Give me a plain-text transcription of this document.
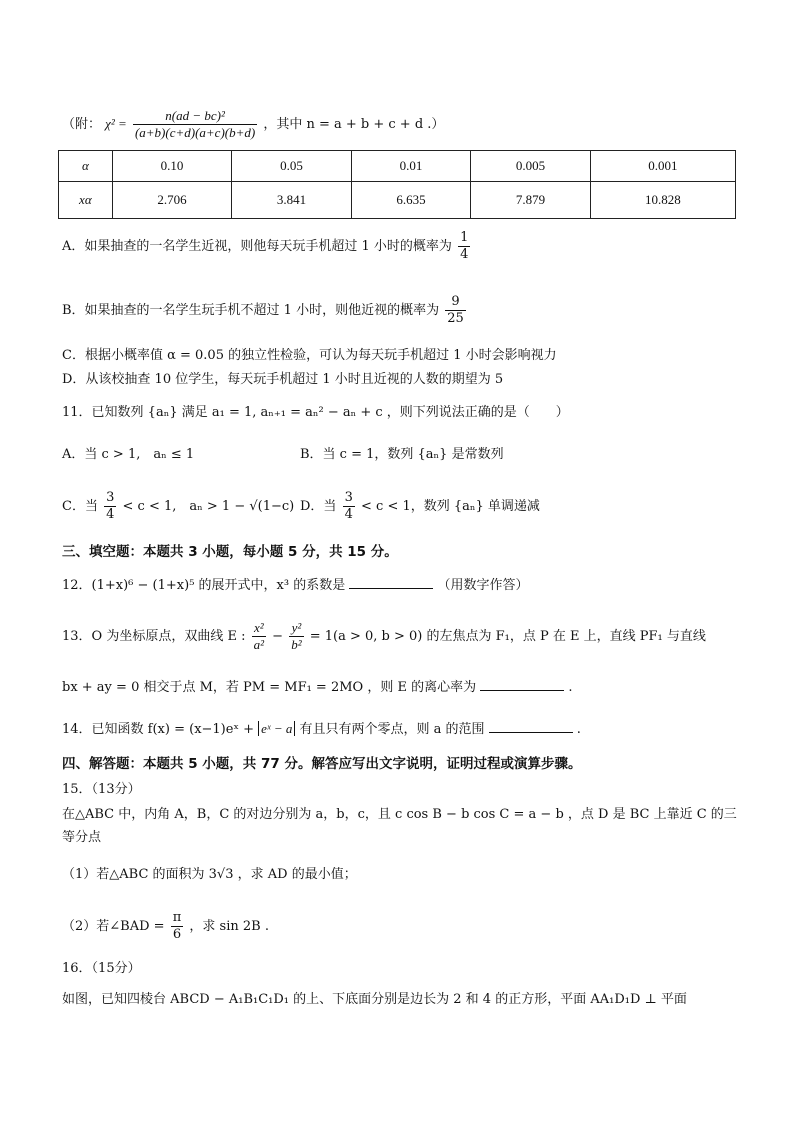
（附： $\chi^2 = \frac{\text{n(ad − bc)²}}{(a+b)(c+d)(a+c)(b+d)}$ ，其中 n = a + b + c + d .）
α	0.10	0.05	0.01	0.005	0.001
xα	2.706	3.841	6.635	7.879	10.828
A．如果抽查的一名学生近视，则他每天玩手机超过 1 小时的概率为 $\frac{1}{4}$
B．如果抽查的一名学生玩手机不超过 1 小时，则他近视的概率为 $\frac{9}{25}$
C．根据小概率值 α = 0.05 的独立性检验，可认为每天玩手机超过 1 小时会影响视力
D．从该校抽查 10 位学生，每天玩手机超过 1 小时且近视的人数的期望为 5
11．已知数列 {aₙ} 满足 a₁ = 1, aₙ₊₁ = aₙ² − aₙ + c ，则下列说法正确的是（　　）
A．当 c > 1,　aₙ ≤ 1	B．当 c = 1，数列 {aₙ} 是常数列
C．当 $\frac{3}{4} < c < 1$,　aₙ > 1 − √(1−c) D．当 $\frac{3}{4} < c < 1$，数列 {aₙ} 单调递减
三、填空题：本题共 3 小题，每小题 5 分，共 15 分。
12．(1+x)⁶ − (1+x)⁵ 的展开式中，x³ 的系数是	（用数字作答）
13．O 为坐标原点，双曲线 E : $\frac{\text{x²}}{\text{a²}} - \frac{\text{y²}}{\text{b²}} = 1(a > 0$, b > 0) 的左焦点为 F₁，点 P 在 E 上，直线 PF₁ 与直线
bx + ay = 0 相交于点 M，若 PM = MF₁ = 2MO ，则 E 的离心率为	.
14．已知函数 f(x) = (x−1)eˣ + eˣ − a 有且只有两个零点，则 a 的范围	.
四、解答题：本题共 5 小题，共 77 分。解答应写出文字说明，证明过程或演算步骤。
15．（13分）
在△ABC 中，内角 A，B，C 的对边分别为 a，b，c，且 c cos B − b cos C = a − b ，点 D 是 BC 上靠近 C 的三
等分点
（1）若△ABC 的面积为 3√3 ，求 AD 的最小值；
（2）若∠BAD = $\frac{\pi}{6}$ ，求 sin 2B .
16．（15分）
如图，已知四棱台 ABCD − A₁B₁C₁D₁ 的上、下底面分别是边长为 2 和 4 的正方形，平面 AA₁D₁D ⊥ 平面
